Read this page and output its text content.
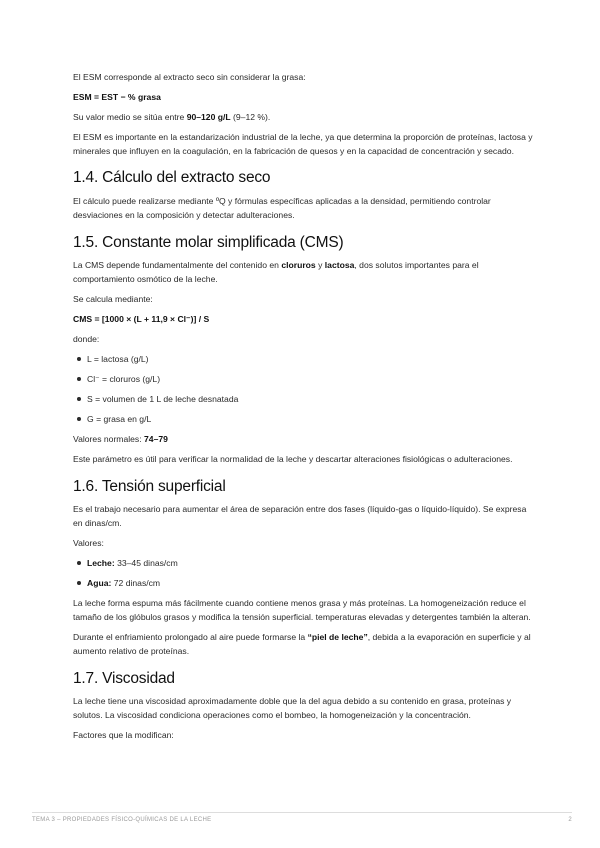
El ESM corresponde al extracto seco sin considerar la grasa:

ESM = EST − % grasa

Su valor medio se sitúa entre 90–120 g/L (9–12 %).

El ESM es importante en la estandarización industrial de la leche, ya que determina la proporción de proteínas, lactosa y minerales que influyen en la coagulación, en la fabricación de quesos y en la capacidad de concentración y secado.

1.4. Cálculo del extracto seco

El cálculo puede realizarse mediante ºQ y fórmulas específicas aplicadas a la densidad, permitiendo controlar desviaciones en la composición y detectar adulteraciones.

1.5. Constante molar simplificada (CMS)

La CMS depende fundamentalmente del contenido en cloruros y lactosa, dos solutos importantes para el comportamiento osmótico de la leche.

Se calcula mediante:

CMS = [1000 × (L + 11,9 × Cl⁻)] / S

donde:

L = lactosa (g/L)
Cl⁻ = cloruros (g/L)
S = volumen de 1 L de leche desnatada
G = grasa en g/L

Valores normales: 74–79

Este parámetro es útil para verificar la normalidad de la leche y descartar alteraciones fisiológicas o adulteraciones.

1.6. Tensión superficial

Es el trabajo necesario para aumentar el área de separación entre dos fases (líquido-gas o líquido-líquido). Se expresa en dinas/cm.

Valores:

Leche: 33–45 dinas/cm
Agua: 72 dinas/cm

La leche forma espuma más fácilmente cuando contiene menos grasa y más proteínas. La homogeneización reduce el tamaño de los glóbulos grasos y modifica la tensión superficial. temperaturas elevadas y detergentes también la alteran.

Durante el enfriamiento prolongado al aire puede formarse la “piel de leche”, debida a la evaporación en superficie y al aumento relativo de proteínas.

1.7. Viscosidad

La leche tiene una viscosidad aproximadamente doble que la del agua debido a su contenido en grasa, proteínas y solutos. La viscosidad condiciona operaciones como el bombeo, la homogeneización y la concentración.

Factores que la modifican:

TEMA 3 – PROPIEDADES FÍSICO-QUÍMICAS DE LA LECHE	2
